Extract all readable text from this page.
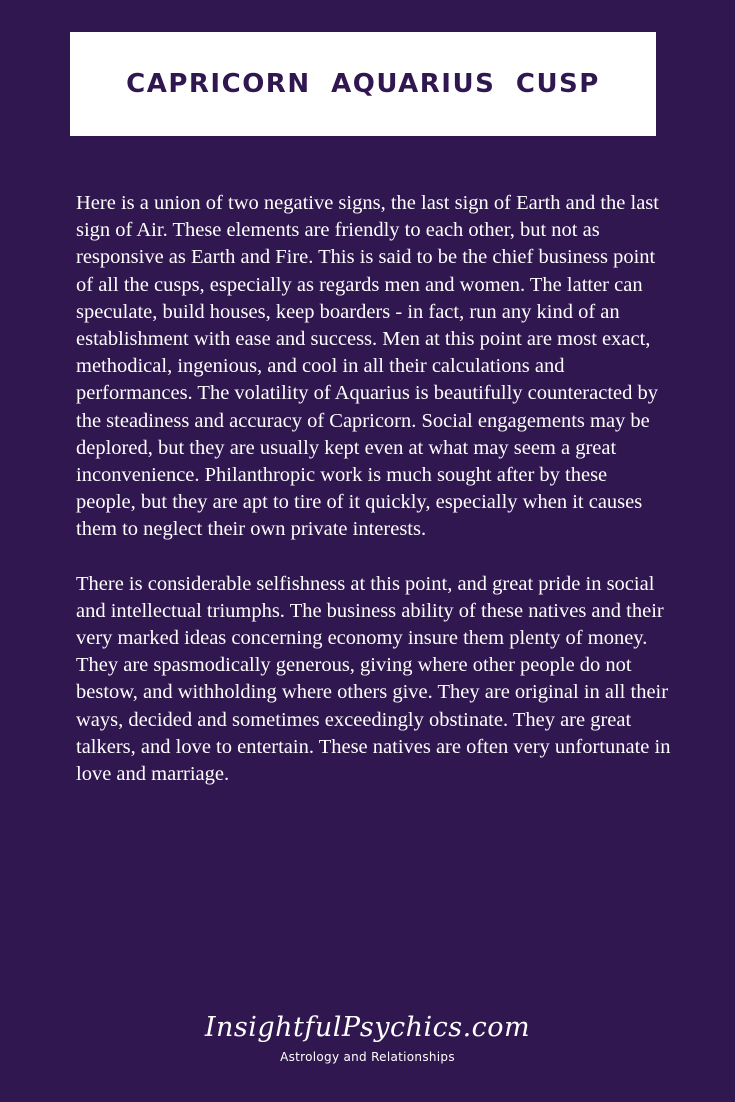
CAPRICORN AQUARIUS CUSP

Here is a union of two negative signs, the last sign of Earth and the last sign of Air. These elements are friendly to each other, but not as responsive as Earth and Fire. This is said to be the chief business point of all the cusps, especially as regards men and women. The latter can speculate, build houses, keep boarders - in fact, run any kind of an establishment with ease and success. Men at this point are most exact, methodical, ingenious, and cool in all their calculations and performances. The volatility of Aquarius is beautifully counteracted by the steadiness and accuracy of Capricorn. Social engagements may be deplored, but they are usually kept even at what may seem a great inconvenience. Philanthropic work is much sought after by these people, but they are apt to tire of it quickly, especially when it causes them to neglect their own private interests.

There is considerable selfishness at this point, and great pride in social and intellectual triumphs. The business ability of these natives and their very marked ideas concerning economy insure them plenty of money. They are spasmodically generous, giving where other people do not bestow, and withholding where others give. They are original in all their ways, decided and sometimes exceedingly obstinate. They are great talkers, and love to entertain. These natives are often very unfortunate in love and marriage.

InsightfulPsychics.com
Astrology and Relationships
